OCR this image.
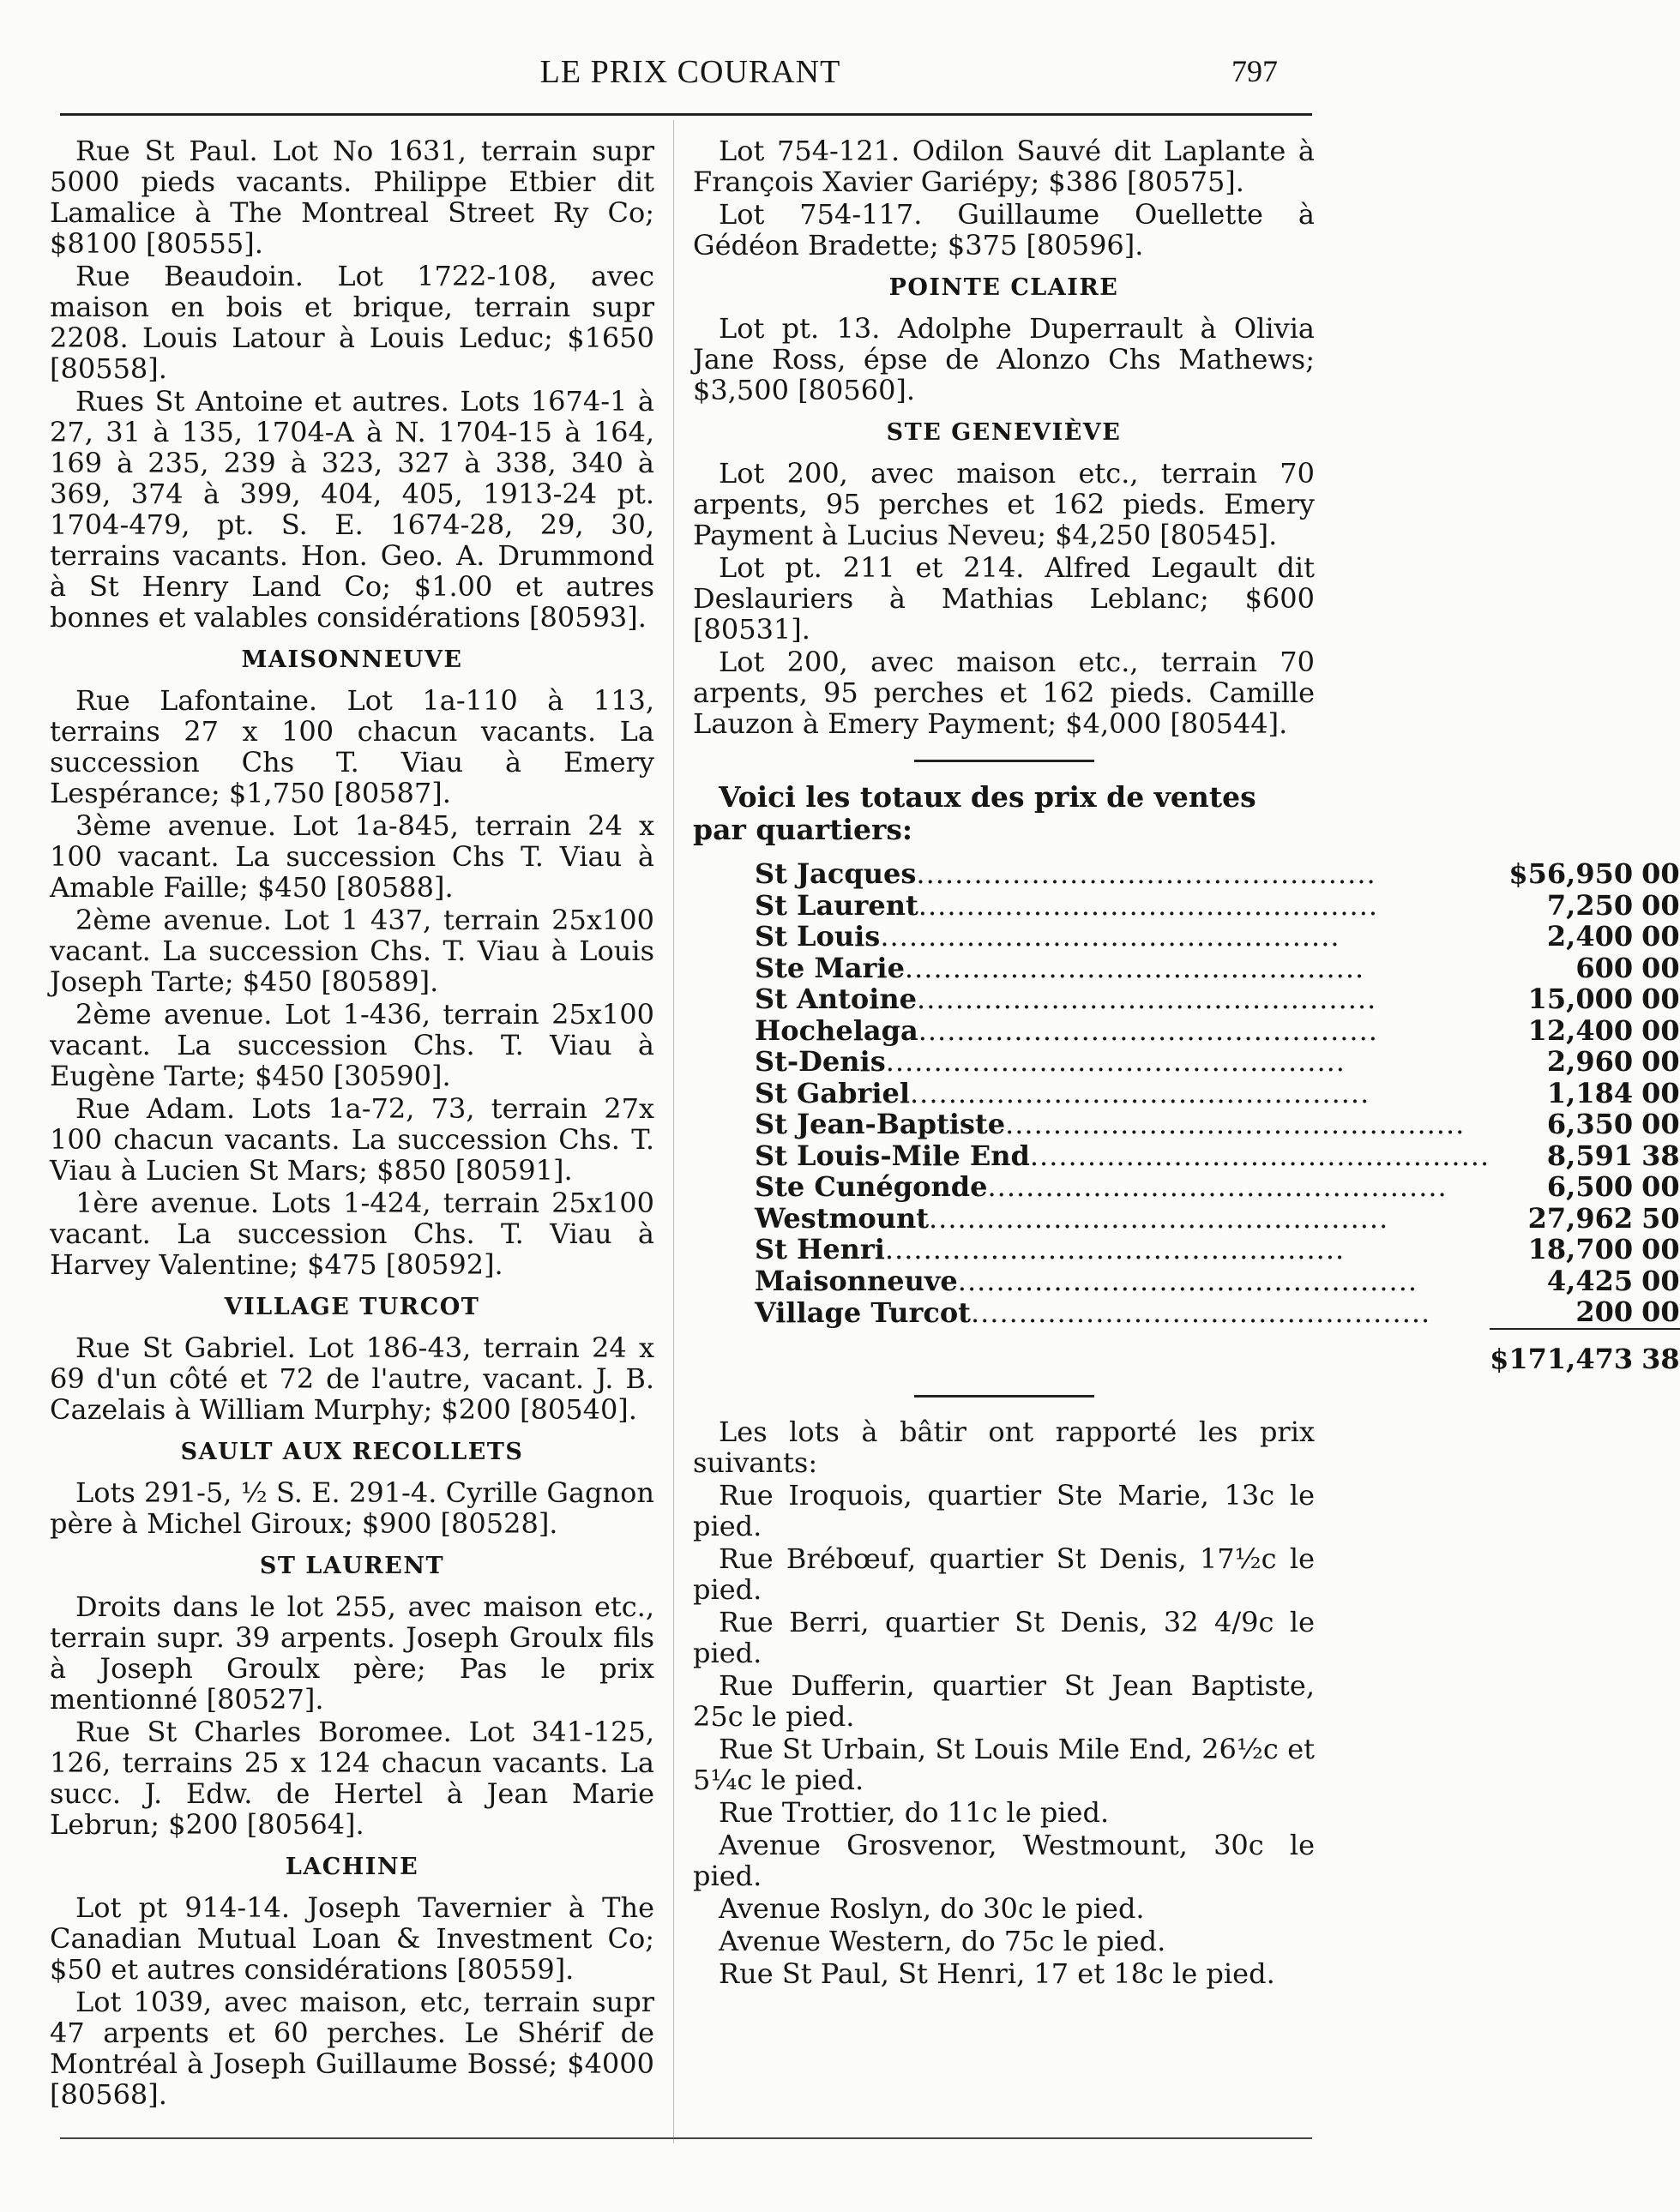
LE PRIX COURANT	797

Rue St Paul. Lot No 1631, terrain supr 5000 pieds vacants. Philippe Etbier dit Lamalice à The Montreal Street Ry Co; $8100 [80555].

Rue Beaudoin. Lot 1722-108, avec maison en bois et brique, terrain supr 2208. Louis Latour à Louis Leduc; $1650 [80558].

Rues St Antoine et autres. Lots 1674-1 à 27, 31 à 135, 1704-A à N. 1704-15 à 164, 169 à 235, 239 à 323, 327 à 338, 340 à 369, 374 à 399, 404, 405, 1913-24 pt. 1704-479, pt. S. E. 1674-28, 29, 30, terrains vacants. Hon. Geo. A. Drummond à St Henry Land Co; $1.00 et autres bonnes et valables considérations [80593].

MAISONNEUVE

Rue Lafontaine. Lot 1a-110 à 113, terrains 27 x 100 chacun vacants. La succession Chs T. Viau à Emery Lespérance; $1,750 [80587].

3ème avenue. Lot 1a-845, terrain 24 x 100 vacant. La succession Chs T. Viau à Amable Faille; $450 [80588].

2ème avenue. Lot 1 437, terrain 25x100 vacant. La succession Chs. T. Viau à Louis Joseph Tarte; $450 [80589].

2ème avenue. Lot 1-436, terrain 25x100 vacant. La succession Chs. T. Viau à Eugène Tarte; $450 [30590].

Rue Adam. Lots 1a-72, 73, terrain 27x 100 chacun vacants. La succession Chs. T. Viau à Lucien St Mars; $850 [80591].

1ère avenue. Lots 1-424, terrain 25x100 vacant. La succession Chs. T. Viau à Harvey Valentine; $475 [80592].

VILLAGE TURCOT

Rue St Gabriel. Lot 186-43, terrain 24 x 69 d'un côté et 72 de l'autre, vacant. J. B. Cazelais à William Murphy; $200 [80540].

SAULT AUX RECOLLETS

Lots 291-5, ½ S. E. 291-4. Cyrille Gagnon père à Michel Giroux; $900 [80528].

ST LAURENT

Droits dans le lot 255, avec maison etc., terrain supr. 39 arpents. Joseph Groulx fils à Joseph Groulx père; Pas le prix mentionné [80527].

Rue St Charles Boromee. Lot 341-125, 126, terrains 25 x 124 chacun vacants. La succ. J. Edw. de Hertel à Jean Marie Lebrun; $200 [80564].

LACHINE

Lot pt 914-14. Joseph Tavernier à The Canadian Mutual Loan & Investment Co; $50 et autres considérations [80559].

Lot 1039, avec maison, etc, terrain supr 47 arpents et 60 perches. Le Shérif de Montréal à Joseph Guillaume Bossé; $4000 [80568].

Lot 754-121. Odilon Sauvé dit Laplante à François Xavier Gariépy; $386 [80575].

Lot 754-117. Guillaume Ouellette à Gédéon Bradette; $375 [80596].

POINTE CLAIRE

Lot pt. 13. Adolphe Duperrault à Olivia Jane Ross, épse de Alonzo Chs Mathews; $3,500 [80560].

STE GENEVIÈVE

Lot 200, avec maison etc., terrain 70 arpents, 95 perches et 162 pieds. Emery Payment à Lucius Neveu; $4,250 [80545].

Lot pt. 211 et 214. Alfred Legault dit Deslauriers à Mathias Leblanc; $600 [80531].

Lot 200, avec maison etc., terrain 70 arpents, 95 perches et 162 pieds. Camille Lauzon à Emery Payment; $4,000 [80544].

Voici les totaux des prix de ventes par quartiers:

St Jacques................................................	$56,950	00
St Laurent................................................	7,250	00
St Louis................................................	2,400	00
Ste Marie................................................	600	00
St Antoine................................................	15,000	00
Hochelaga................................................	12,400	00
St-Denis................................................	2,960	00
St Gabriel................................................	1,184	00
St Jean-Baptiste................................................	6,350	00
St Louis-Mile End................................................	8,591	38
Ste Cunégonde................................................	6,500	00
Westmount................................................	27,962	50
St Henri................................................	18,700	00
Maisonneuve................................................	4,425	00
Village Turcot................................................	200	00
	$171,473	38

Les lots à bâtir ont rapporté les prix suivants:

Rue Iroquois, quartier Ste Marie, 13c le pied.

Rue Brébœuf, quartier St Denis, 17½c le pied.

Rue Berri, quartier St Denis, 32 4/9c le pied.

Rue Dufferin, quartier St Jean Baptiste, 25c le pied.

Rue St Urbain, St Louis Mile End, 26½c et 5¼c le pied.

Rue Trottier, do 11c le pied.

Avenue Grosvenor, Westmount, 30c le pied.

Avenue Roslyn, do 30c le pied.

Avenue Western, do 75c le pied.

Rue St Paul, St Henri, 17 et 18c le pied.
